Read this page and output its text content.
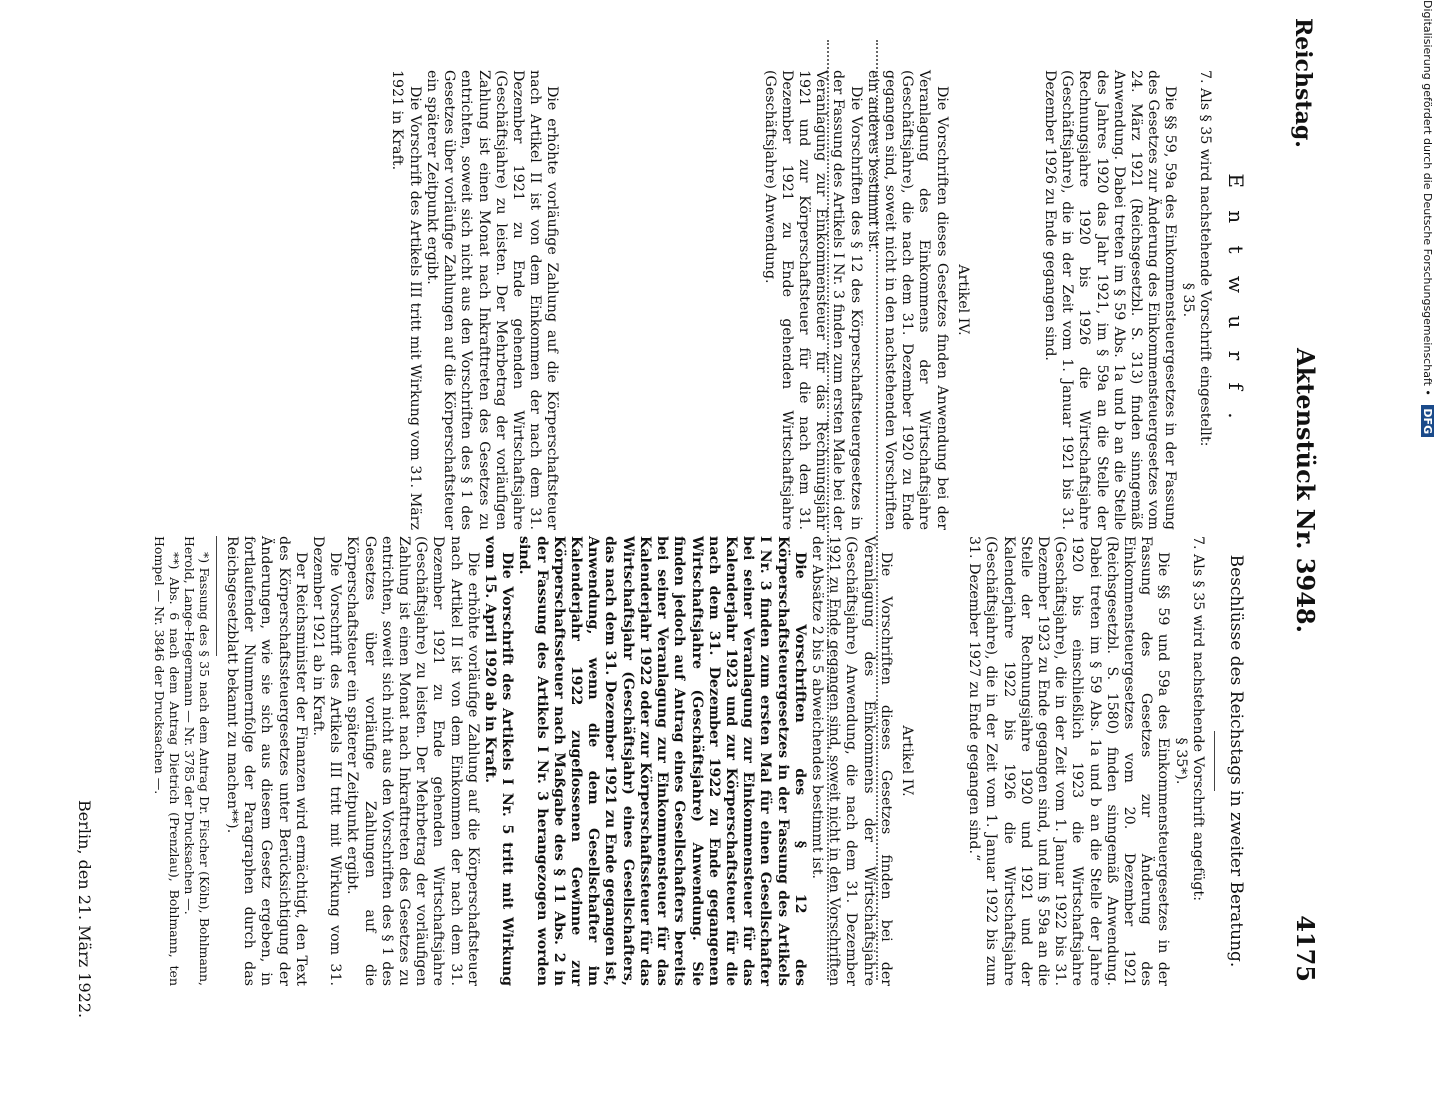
Reichstag.
Aktenstück Nr. 3948.
4175
E n t w u r f .

7. Als § 35 wird nachstehende Vorschrift eingestellt:

§ 35.

Die §§ 59, 59a des Einkommensteuergesetzes in der Fassung des Gesetzes zur Änderung des Einkommensteuergesetzes vom 24. März 1921 (Reichsgesetzbl. S. 313) finden sinngemäß Anwendung. Dabei treten im § 59 Abs. 1a und b an die Stelle des Jahres 1920 das Jahr 1921, im § 59a an die Stelle der Rechnungsjahre 1920 bis 1926 die Wirtschaftsjahre (Geschäftsjahre), die in der Zeit vom 1. Januar 1921 bis 31. Dezember 1926 zu Ende gegangen sind.

Artikel IV.

Die Vorschriften dieses Gesetzes finden Anwendung bei der Veranlagung des Einkommens der Wirtschaftsjahre (Geschäftsjahre), die nach dem 31. Dezember 1920 zu Ende gegangen sind, soweit nicht in den nachstehenden Vorschriften ein anderes bestimmt ist.

Die Vorschriften des § 12 des Körperschaftsteuergesetzes in der Fassung des Artikels I Nr. 3 finden zum ersten Male bei der Veranlagung zur Einkommensteuer für das Rechnungsjahr 1921 und zur Körperschaftsteuer für die nach dem 31. Dezember 1921 zu Ende gehenden Wirtschaftsjahre (Geschäftsjahre) Anwendung.

Die erhöhte vorläufige Zahlung auf die Körperschaftsteuer nach Artikel II ist von dem Einkommen der nach dem 31. Dezember 1921 zu Ende gehenden Wirtschaftsjahre (Geschäftsjahre) zu leisten. Der Mehrbetrag der vorläufigen Zahlung ist einen Monat nach Inkrafttreten des Gesetzes zu entrichten, soweit sich nicht aus den Vorschriften des § 1 des Gesetzes über vorläufige Zahlungen auf die Körperschaftsteuer ein späterer Zeitpunkt ergibt.

Die Vorschrift des Artikels III tritt mit Wirkung vom 31. März 1921 in Kraft.

Beschlüsse des Reichstags in zweiter Beratung.

7. Als § 35 wird nachstehende Vorschrift angefügt:

§ 35*).

Die §§ 59 und 59a des Einkommensteuergesetzes in der Fassung des Gesetzes zur Änderung des Einkommensteuergesetzes vom 20. Dezember 1921 (Reichsgesetzbl. S. 1580) finden sinngemäß Anwendung. Dabei treten im § 59 Abs. 1a und b an die Stelle der Jahre 1920 bis einschließlich 1923 die Wirtschaftsjahre (Geschäftsjahre), die in der Zeit vom 1. Januar 1922 bis 31. Dezember 1923 zu Ende gegangen sind, und im § 59a an die Stelle der Rechnungsjahre 1920 und 1921 und der Kalenderjahre 1922 bis 1926 die Wirtschaftsjahre (Geschäftsjahre), die in der Zeit vom 1. Januar 1922 bis zum 31. Dezember 1927 zu Ende gegangen sind.“

Artikel IV.

Die Vorschriften dieses Gesetzes finden bei der Veranlagung des Einkommens der Wirtschaftsjahre (Geschäftsjahre) Anwendung, die nach dem 31. Dezember 1921 zu Ende gegangen sind, soweit nicht in den Vorschriften der Absätze 2 bis 5 abweichendes bestimmt ist.

Die Vorschriften des § 12 des Körperschaftsteuergesetzes in der Fassung des Artikels I Nr. 3 finden zum ersten Mal für einen Gesellschafter bei seiner Veranlagung zur Einkommensteuer für das Kalenderjahr 1923 und zur Körperschaftsteuer für die nach dem 31. Dezember 1922 zu Ende gegangenen Wirtschaftsjahre (Geschäftsjahre) Anwendung. Sie finden jedoch auf Antrag eines Gesellschafters bereits bei seiner Veranlagung zur Einkommensteuer für das Kalenderjahr 1922 oder zur Körperschaftssteuer für das Wirtschaftsjahr (Geschäftsjahr) eines Gesellschafters, das nach dem 31. Dezember 1921 zu Ende gegangen ist, Anwendung, wenn die dem Gesellschafter im Kalenderjahr 1922 zugeflossenen Gewinne zur Körperschaftssteuer nach Maßgabe des § 11 Abs. 2 in der Fassung des Artikels I Nr. 3 herangezogen worden sind.

Die Vorschrift des Artikels I Nr. 5 tritt mit Wirkung vom 15. April 1920 ab in Kraft.

Die erhöhte vorläufige Zahlung auf die Körperschaftsteuer nach Artikel II ist von dem Einkommen der nach dem 31. Dezember 1921 zu Ende gehenden Wirtschaftsjahre (Geschäftsjahre) zu leisten. Der Mehrbetrag der vorläufigen Zahlung ist einen Monat nach Inkrafttreten des Gesetzes zu entrichten, soweit sich nicht aus den Vorschriften des § 1 des Gesetzes über vorläufige Zahlungen auf die Körperschaftsteuer ein späterer Zeitpunkt ergibt.

Die Vorschrift des Artikels III tritt mit Wirkung vom 31. Dezember 1921 ab in Kraft.

Der Reichsminister der Finanzen wird ermächtigt, den Text des Körperschaftssteuergesetzes unter Berücksichtigung der Änderungen, wie sie sich aus diesem Gesetz ergeben, in fortlaufender Nummernfolge der Paragraphen durch das Reichsgesetzblatt bekannt zu machen**).

*) Fassung des § 35 nach dem Antrag Dr. Fischer (Köln), Bohlmann, Herold, Lange-Hegermann — Nr. 3785 der Drucksachen —.

**) Abs. 6 nach dem Antrag Dietrich (Prenzlau), Bohlmann, ten Hompel — Nr. 3846 der Drucksachen —.

Berlin, den 21. März 1922.
Digitalisierung gefördert durch die Deutsche Forschungsgemeinschaft • DFG
